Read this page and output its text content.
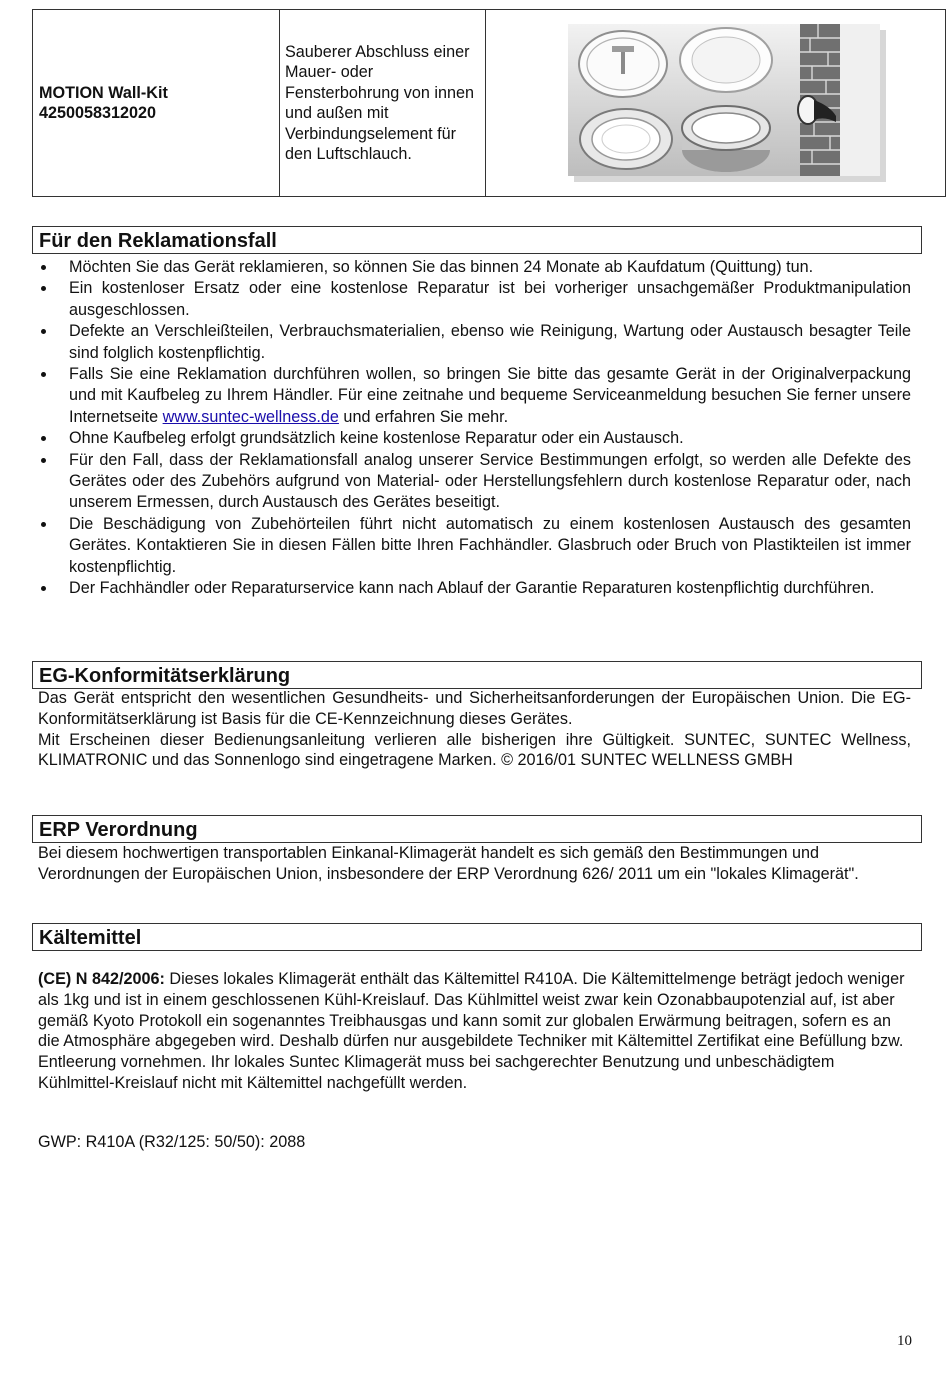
MOTION Wall-Kit
4250058312020
	Sauberer Abschluss einer Mauer- oder Fensterbohrung von innen und außen mit Verbindungselement für den Luftschlauch.	
Für den Reklamationsfall
Möchten Sie das Gerät reklamieren, so können Sie das binnen 24 Monate ab Kaufdatum (Quittung) tun.
Ein kostenloser Ersatz oder eine kostenlose Reparatur ist bei vorheriger unsachgemäßer Produktmanipulation ausgeschlossen.
Defekte an Verschleißteilen, Verbrauchsmaterialien, ebenso wie Reinigung, Wartung oder Austausch besagter Teile sind folglich kostenpflichtig.
Falls Sie eine Reklamation durchführen wollen, so bringen Sie bitte das gesamte Gerät in der Originalverpackung und mit Kaufbeleg zu Ihrem Händler. Für eine zeitnahe und bequeme Serviceanmeldung besuchen Sie ferner unsere Internetseite www.suntec-wellness.de und erfahren Sie mehr.
Ohne Kaufbeleg erfolgt grundsätzlich keine kostenlose Reparatur oder ein Austausch.
Für den Fall, dass der Reklamationsfall analog unserer Service Bestimmungen erfolgt, so werden alle Defekte des Gerätes oder des Zubehörs aufgrund von Material- oder Herstellungsfehlern durch kostenlose Reparatur oder, nach unserem Ermessen, durch Austausch des Gerätes beseitigt.
Die Beschädigung von Zubehörteilen führt nicht automatisch zu einem kostenlosen Austausch des gesamten Gerätes. Kontaktieren Sie in diesen Fällen bitte Ihren Fachhändler. Glasbruch oder Bruch von Plastikteilen ist immer kostenpflichtig.
Der Fachhändler oder Reparaturservice kann nach Ablauf der Garantie Reparaturen kostenpflichtig durchführen.
EG-Konformitätserklärung

Das Gerät entspricht den wesentlichen Gesundheits- und Sicherheitsanforderungen der Europäischen Union. Die EG-Konformitätserklärung ist Basis für die CE-Kennzeichnung dieses Gerätes.
Mit Erscheinen dieser Bedienungsanleitung verlieren alle bisherigen ihre Gültigkeit. SUNTEC, SUNTEC Wellness, KLIMATRONIC und das Sonnenlogo sind eingetragene Marken. © 2016/01 SUNTEC WELLNESS GMBH

ERP Verordnung

Bei diesem hochwertigen transportablen Einkanal-Klimagerät handelt es sich gemäß den Bestimmungen und Verordnungen der Europäischen Union, insbesondere der ERP Verordnung 626/ 2011 um ein "lokales Klimagerät".

Kältemittel

(CE) N 842/2006: Dieses lokales Klimagerät enthält das Kältemittel R410A. Die Kältemittelmenge beträgt jedoch weniger als 1kg und ist in einem geschlossenen Kühl-Kreislauf. Das Kühlmittel weist zwar kein Ozonabbaupotenzial auf, ist aber gemäß Kyoto Protokoll ein sogenanntes Treibhausgas und kann somit zur globalen Erwärmung beitragen, sofern es an die Atmosphäre abgegeben wird. Deshalb dürfen nur ausgebildete Techniker mit Kältemittel Zertifikat eine Befüllung bzw. Entleerung vornehmen. Ihr lokales Suntec Klimagerät muss bei sachgerechter Benutzung und unbeschädigtem Kühlmittel-Kreislauf nicht mit Kältemittel nachgefüllt werden.

GWP: R410A (R32/125: 50/50): 2088

10
